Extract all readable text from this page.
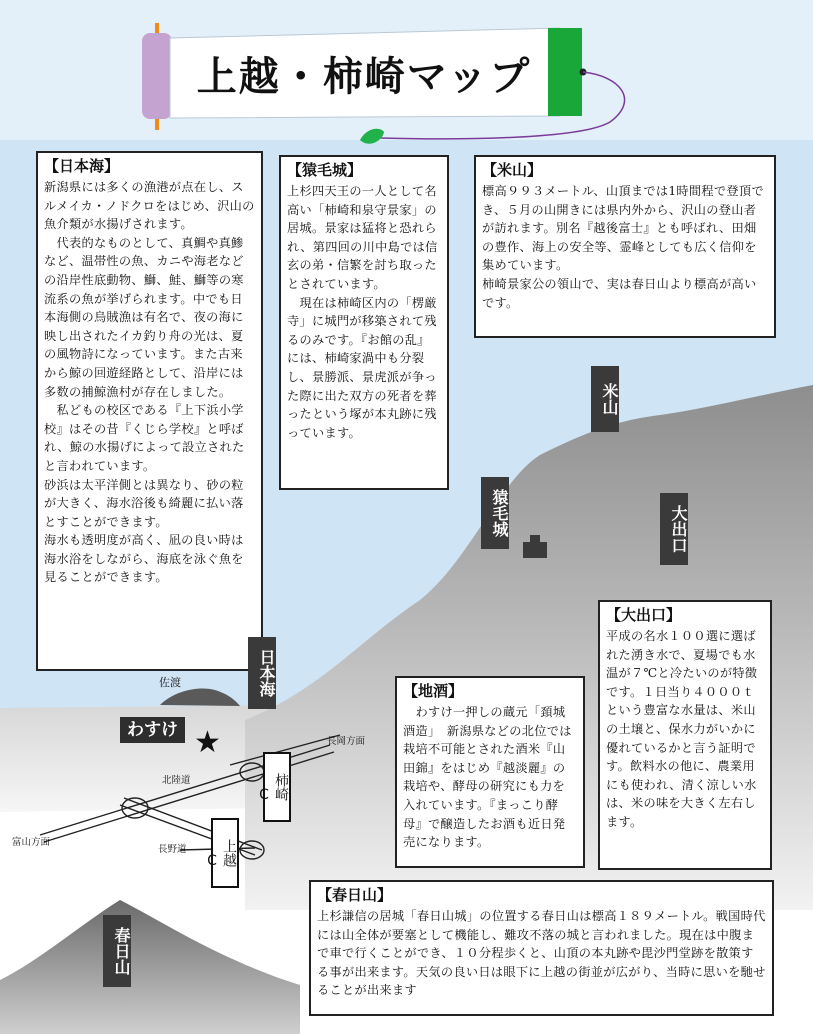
上越・柿崎マップ
【日本海】

新潟県には多くの漁港が点在し、スルメイカ・ノドクロをはじめ、沢山の魚介類が水揚げされます。
　代表的なものとして、真鯛や真鯵など、温帯性の魚、カニや海老などの沿岸性底動物、鰤、鮭、鰤等の寒流系の魚が挙げられます。中でも日本海側の烏賊漁は有名で、夜の海に映し出されたイカ釣り舟の光は、夏の風物詩になっています。また古来から鯨の回遊経路として、沿岸には多数の捕鯨漁村が存在しました。
　私どもの校区である『上下浜小学校』はその昔『くじら学校』と呼ばれ、鯨の水揚げによって設立されたと言われています。
砂浜は太平洋側とは異なり、砂の粒が大きく、海水浴後も綺麗に払い落とすことができます。
海水も透明度が高く、凪の良い時は海水浴をしながら、海底を泳ぐ魚を見ることができます。

【猿毛城】

上杉四天王の一人として名高い「柿崎和泉守景家」の居城。景家は猛将と恐れられ、第四回の川中島では信玄の弟・信繁を討ち取ったとされています。
　現在は柿崎区内の「楞厳寺」に城門が移築されて残るのみです。『お館の乱』には、柿崎家渦中も分裂し、景勝派、景虎派が争った際に出た双方の死者を葬ったという塚が本丸跡に残っています。

【米山】

標高９９３メートル、山頂までは1時間程で登頂でき、５月の山開きには県内外から、沢山の登山者が訪れます。別名『越後富士』とも呼ばれ、田畑の豊作、海上の安全等、霊峰としても広く信仰を集めています。
柿崎景家公の領山で、実は春日山より標高が高いです。

【大出口】

平成の名水１００選に選ばれた湧き水で、夏場でも水温が７℃と冷たいのが特徴です。１日当り４０００ｔという豊富な水量は、米山の土壌と、保水力がいかに優れているかと言う証明です。飲料水の他に、農業用にも使われ、清く涼しい水は、米の味を大きく左右します。

【地酒】

　わすけ一押しの蔵元「頚城酒造」　新潟県などの北位では栽培不可能とされた酒米『山田錦』をはじめ『越淡麗』の栽培や、酵母の研究にも力を入れています。『まっこり酵母』で醸造したお酒も近日発売になります。

【春日山】

上杉謙信の居城「春日山城」の位置する春日山は標高１８９メートル。戦国時代には山全体が要塞として機能し、難攻不落の城と言われました。現在は中腹まで車で行くことができ、１０分程歩くと、山頂の本丸跡や毘沙門堂跡を散策する事が出来ます。天気の良い日は眼下に上越の街並が広がり、当時に思いを馳せることが出来ます

米山
猿毛城	大出口
日本海
春日山
佐渡
わすけ ★	長岡方面
北陸道
富山方面
長野道
柿崎IC
上越IC
